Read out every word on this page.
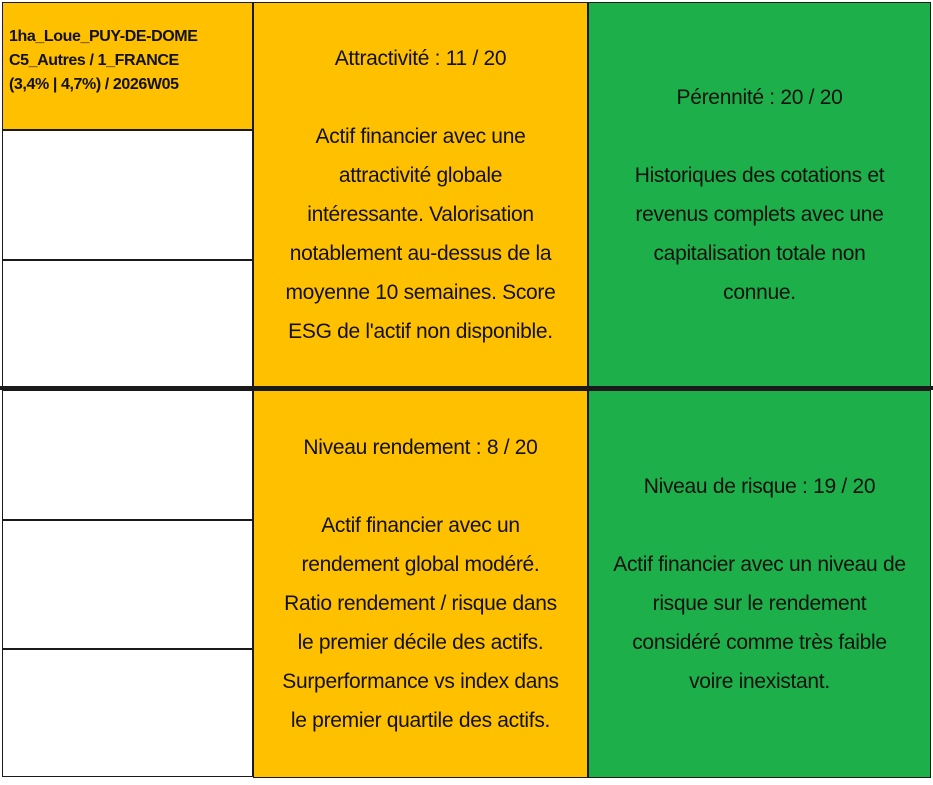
1ha_Loue_PUY-DE-DOME
C5_Autres / 1_FRANCE
(3,4% | 4,7%) / 2026W05
Attractivité : 11 / 20
Actif financier avec une
attractivité globale
intéressante. Valorisation
notablement au-dessus de la
moyenne 10 semaines. Score
ESG de l'actif non disponible.
Pérennité : 20 / 20
Historiques des cotations et
revenus complets avec une
capitalisation totale non
connue.
Niveau rendement : 8 / 20
Actif financier avec un
rendement global modéré.
Ratio rendement / risque dans
le premier décile des actifs.
Surperformance vs index dans
le premier quartile des actifs.
Niveau de risque : 19 / 20
Actif financier avec un niveau de
risque sur le rendement
considéré comme très faible
voire inexistant.
